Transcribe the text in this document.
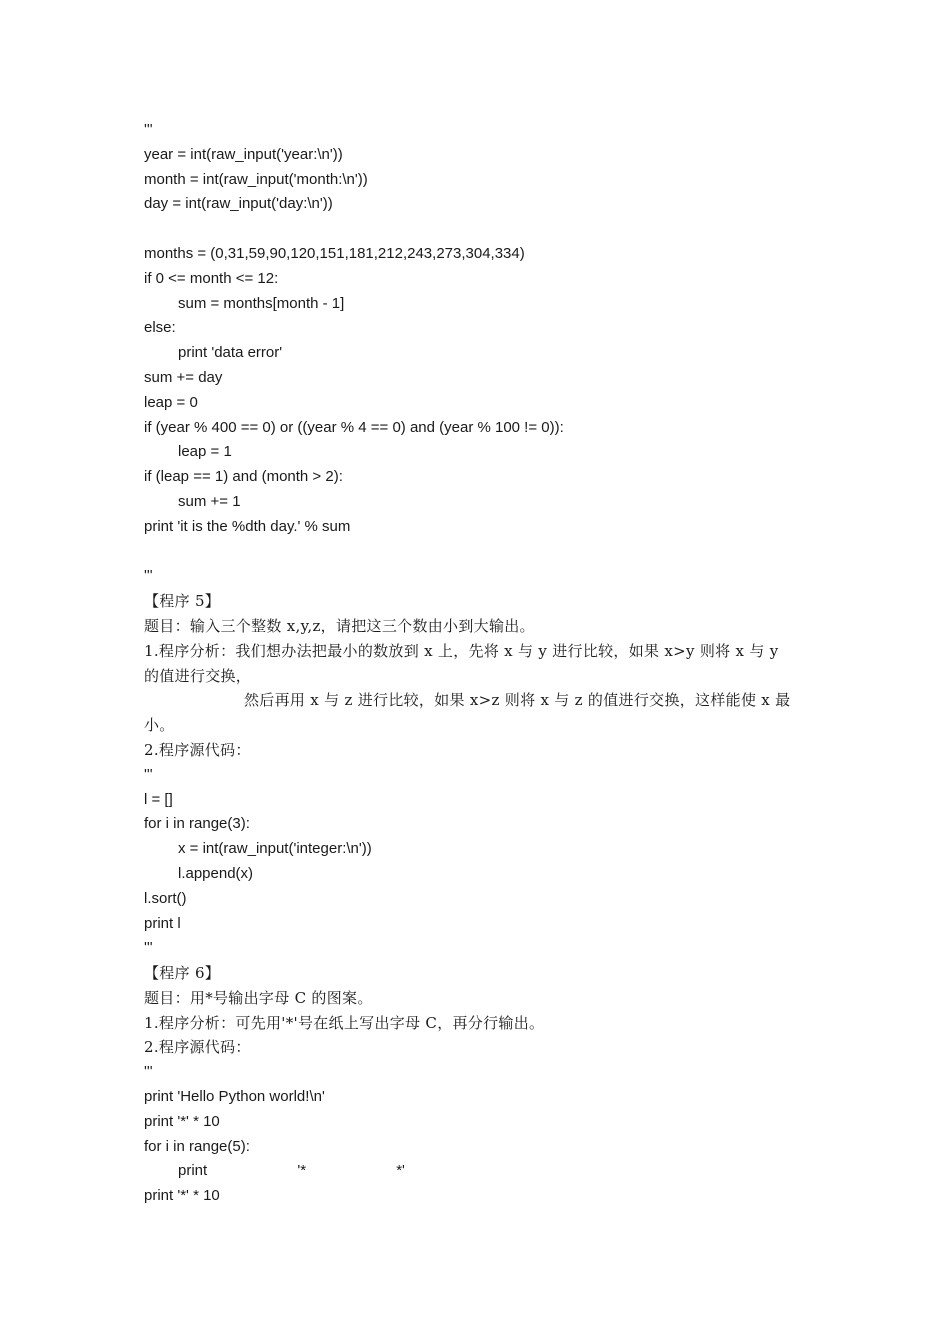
'''
year = int(raw_input('year:\n'))
month = int(raw_input('month:\n'))
day = int(raw_input('day:\n'))
months = (0,31,59,90,120,151,181,212,243,273,304,334)
if 0 <= month <= 12:
sum = months[month - 1]
else:
print 'data error'
sum += day
leap = 0
if (year % 400 == 0) or ((year % 4 == 0) and (year % 100 != 0)):
leap = 1
if (leap == 1) and (month > 2):
sum += 1
print 'it is the %dth day.' % sum
'''
【程序 5】
题目：输入三个整数 x,y,z，请把这三个数由小到大输出。
1.程序分析：我们想办法把最小的数放到 x 上，先将 x 与 y 进行比较，如果 x>y 则将 x 与 y
的值进行交换，
然后再用 x 与 z 进行比较，如果 x>z 则将 x 与 z 的值进行交换，这样能使 x 最
小。
2.程序源代码：
'''
l = []
for i in range(3):
x = int(raw_input('integer:\n'))
l.append(x)
l.sort()
print l
'''
【程序 6】
题目：用*号输出字母 C 的图案。
1.程序分析：可先用'*'号在纸上写出字母 C，再分行输出。
2.程序源代码：
'''
print 'Hello Python world!\n'
print '*' * 10
for i in range(5):
print '* *'
print '*' * 10
